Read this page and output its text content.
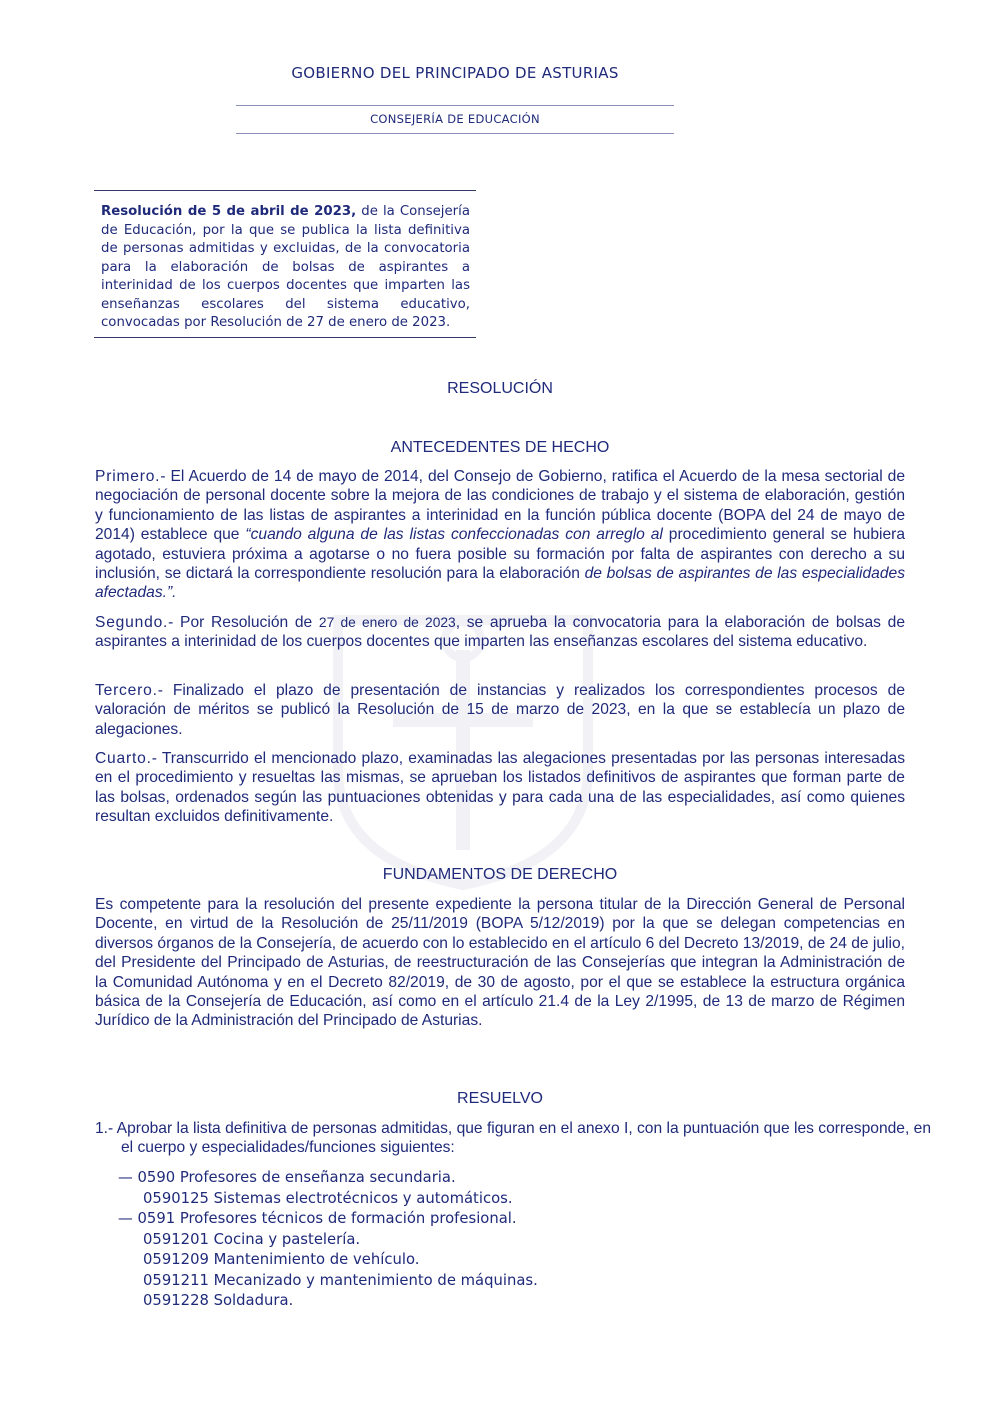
GOBIERNO DEL PRINCIPADO DE ASTURIAS
CONSEJERÍA DE EDUCACIÓN
Resolución de 5 de abril de 2023, de la Consejería de Educación, por la que se publica la lista definitiva de personas admitidas y excluidas, de la convocatoria para la elaboración de bolsas de aspirantes a interinidad de los cuerpos docentes que imparten las enseñanzas escolares del sistema educativo, convocadas por Resolución de 27 de enero de 2023.
RESOLUCIÓN
ANTECEDENTES DE HECHO
Primero.- El Acuerdo de 14 de mayo de 2014, del Consejo de Gobierno, ratifica el Acuerdo de la mesa sectorial de negociación de personal docente sobre la mejora de las condiciones de trabajo y el sistema de elaboración, gestión y funcionamiento de las listas de aspirantes a interinidad en la función pública docente (BOPA del 24 de mayo de 2014) establece que “cuando alguna de las listas confeccionadas con arreglo al procedimiento general se hubiera agotado, estuviera próxima a agotarse o no fuera posible su formación por falta de aspirantes con derecho a su inclusión, se dictará la correspondiente resolución para la elaboración de bolsas de aspirantes de las especialidades afectadas.”.
Segundo.- Por Resolución de 27 de enero de 2023, se aprueba la convocatoria para la elaboración de bolsas de aspirantes a interinidad de los cuerpos docentes que imparten las enseñanzas escolares del sistema educativo.
Tercero.- Finalizado el plazo de presentación de instancias y realizados los correspondientes procesos de valoración de méritos se publicó la Resolución de 15 de marzo de 2023, en la que se establecía un plazo de alegaciones.
Cuarto.- Transcurrido el mencionado plazo, examinadas las alegaciones presentadas por las personas interesadas en el procedimiento y resueltas las mismas, se aprueban los listados definitivos de aspirantes que forman parte de las bolsas, ordenados según las puntuaciones obtenidas y para cada una de las especialidades, así como quienes resultan excluidos definitivamente.
FUNDAMENTOS DE DERECHO
Es competente para la resolución del presente expediente la persona titular de la Dirección General de Personal Docente, en virtud de la Resolución de 25/11/2019 (BOPA 5/12/2019) por la que se delegan competencias en diversos órganos de la Consejería, de acuerdo con lo establecido en el artículo 6 del Decreto 13/2019, de 24 de julio, del Presidente del Principado de Asturias, de reestructuración de las Consejerías que integran la Administración de la Comunidad Autónoma y en el Decreto 82/2019, de 30 de agosto, por el que se establece la estructura orgánica básica de la Consejería de Educación, así como en el artículo 21.4 de la Ley 2/1995, de 13 de marzo de Régimen Jurídico de la Administración del Principado de Asturias.
RESUELVO
1.- Aprobar la lista definitiva de personas admitidas, que figuran en el anexo I, con la puntuación que les corresponde, en el cuerpo y especialidades/funciones siguientes:
— 0590 Profesores de enseñanza secundaria.
0590125 Sistemas electrotécnicos y automáticos.
— 0591 Profesores técnicos de formación profesional.
0591201 Cocina y pastelería.
0591209 Mantenimiento de vehículo.
0591211 Mecanizado y mantenimiento de máquinas.
0591228 Soldadura.
